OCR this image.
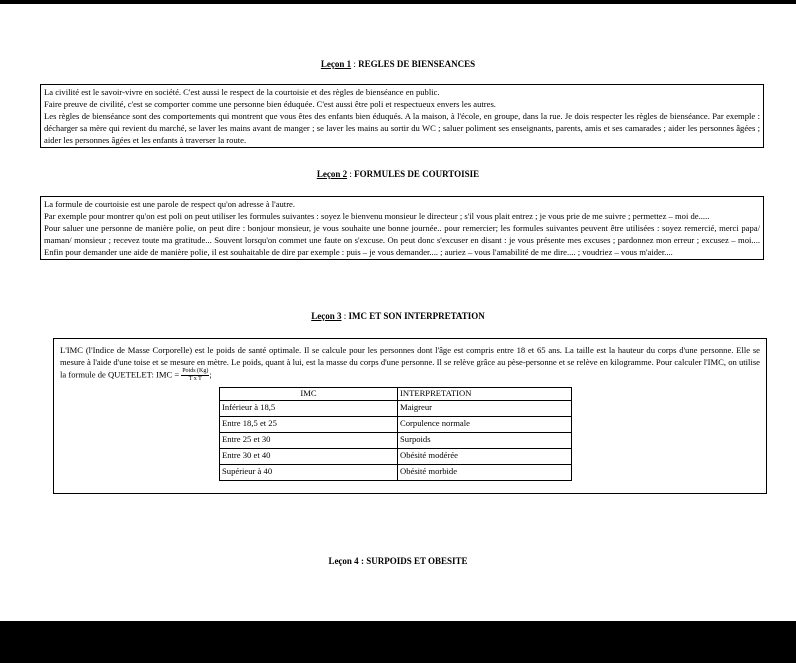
Leçon 1 : REGLES DE BIENSEANCES

La civilité est le savoir-vivre en société. C'est aussi le respect de la courtoisie et des règles de bienséance en public.

Faire preuve de civilité, c'est se comporter comme une personne bien éduquée. C'est aussi être poli et respectueux envers les autres.

Les règles de bienséance sont des comportements qui montrent que vous êtes des enfants bien éduqués. A la maison, à l'école, en groupe, dans la rue. Je dois respecter les règles de bienséance. Par exemple : décharger sa mère qui revient du marché, se laver les mains avant de manger ; se laver les mains au sortir du WC ; saluer poliment ses enseignants, parents, amis et ses camarades ; aider les personnes âgées ; aider les personnes âgées et les enfants à traverser la route.

Leçon 2 : FORMULES DE COURTOISIE

La formule de courtoisie est une parole de respect qu'on adresse à l'autre.

Par exemple pour montrer qu'on est poli on peut utiliser les formules suivantes : soyez le bienvenu monsieur le directeur ; s'il vous plait entrez ; je vous prie de me suivre ; permettez – moi de.....

Pour saluer une personne de manière polie, on peut dire : bonjour monsieur, je vous souhaite une bonne journée.. pour remercier; les formules suivantes peuvent être utilisées : soyez remercié, merci papa/ maman/ monsieur ; recevez toute ma gratitude... Souvent lorsqu'on commet une faute on s'excuse. On peut donc s'excuser en disant : je vous présente mes excuses ; pardonnez mon erreur ; excusez – moi.... Enfin pour demander une aide de manière polie, il est souhaitable de dire par exemple : puis – je vous demander.... ; auriez – vous l'amabilité de me dire.... ; voudriez – vous m'aider....

Leçon 3 : IMC ET SON INTERPRETATION

L'IMC (l'Indice de Masse Corporelle) est le poids de santé optimale. Il se calcule pour les personnes dont l'âge est compris entre 18 et 65 ans. La taille est la hauteur du corps d'une personne. Elle se mesure à l'aide d'une toise et se mesure en mètre. Le poids, quant à lui, est la masse du corps d'une personne. Il se relève grâce au pèse-personne et se relève en kilogramme. Pour calculer l'IMC, on utilise la formule de QUETELET: IMC = $\frac{\text{Poids (Kg)}}{\text{T x T}}$ ;

IMC	INTERPRETATION
Inférieur à 18,5	Maigreur
Entre 18,5 et 25	Corpulence normale
Entre 25 et 30	Surpoids
Entre 30 et 40	Obésité modérée
Supérieur à 40	Obésité morbide
Leçon 4 : SURPOIDS ET OBESITE
